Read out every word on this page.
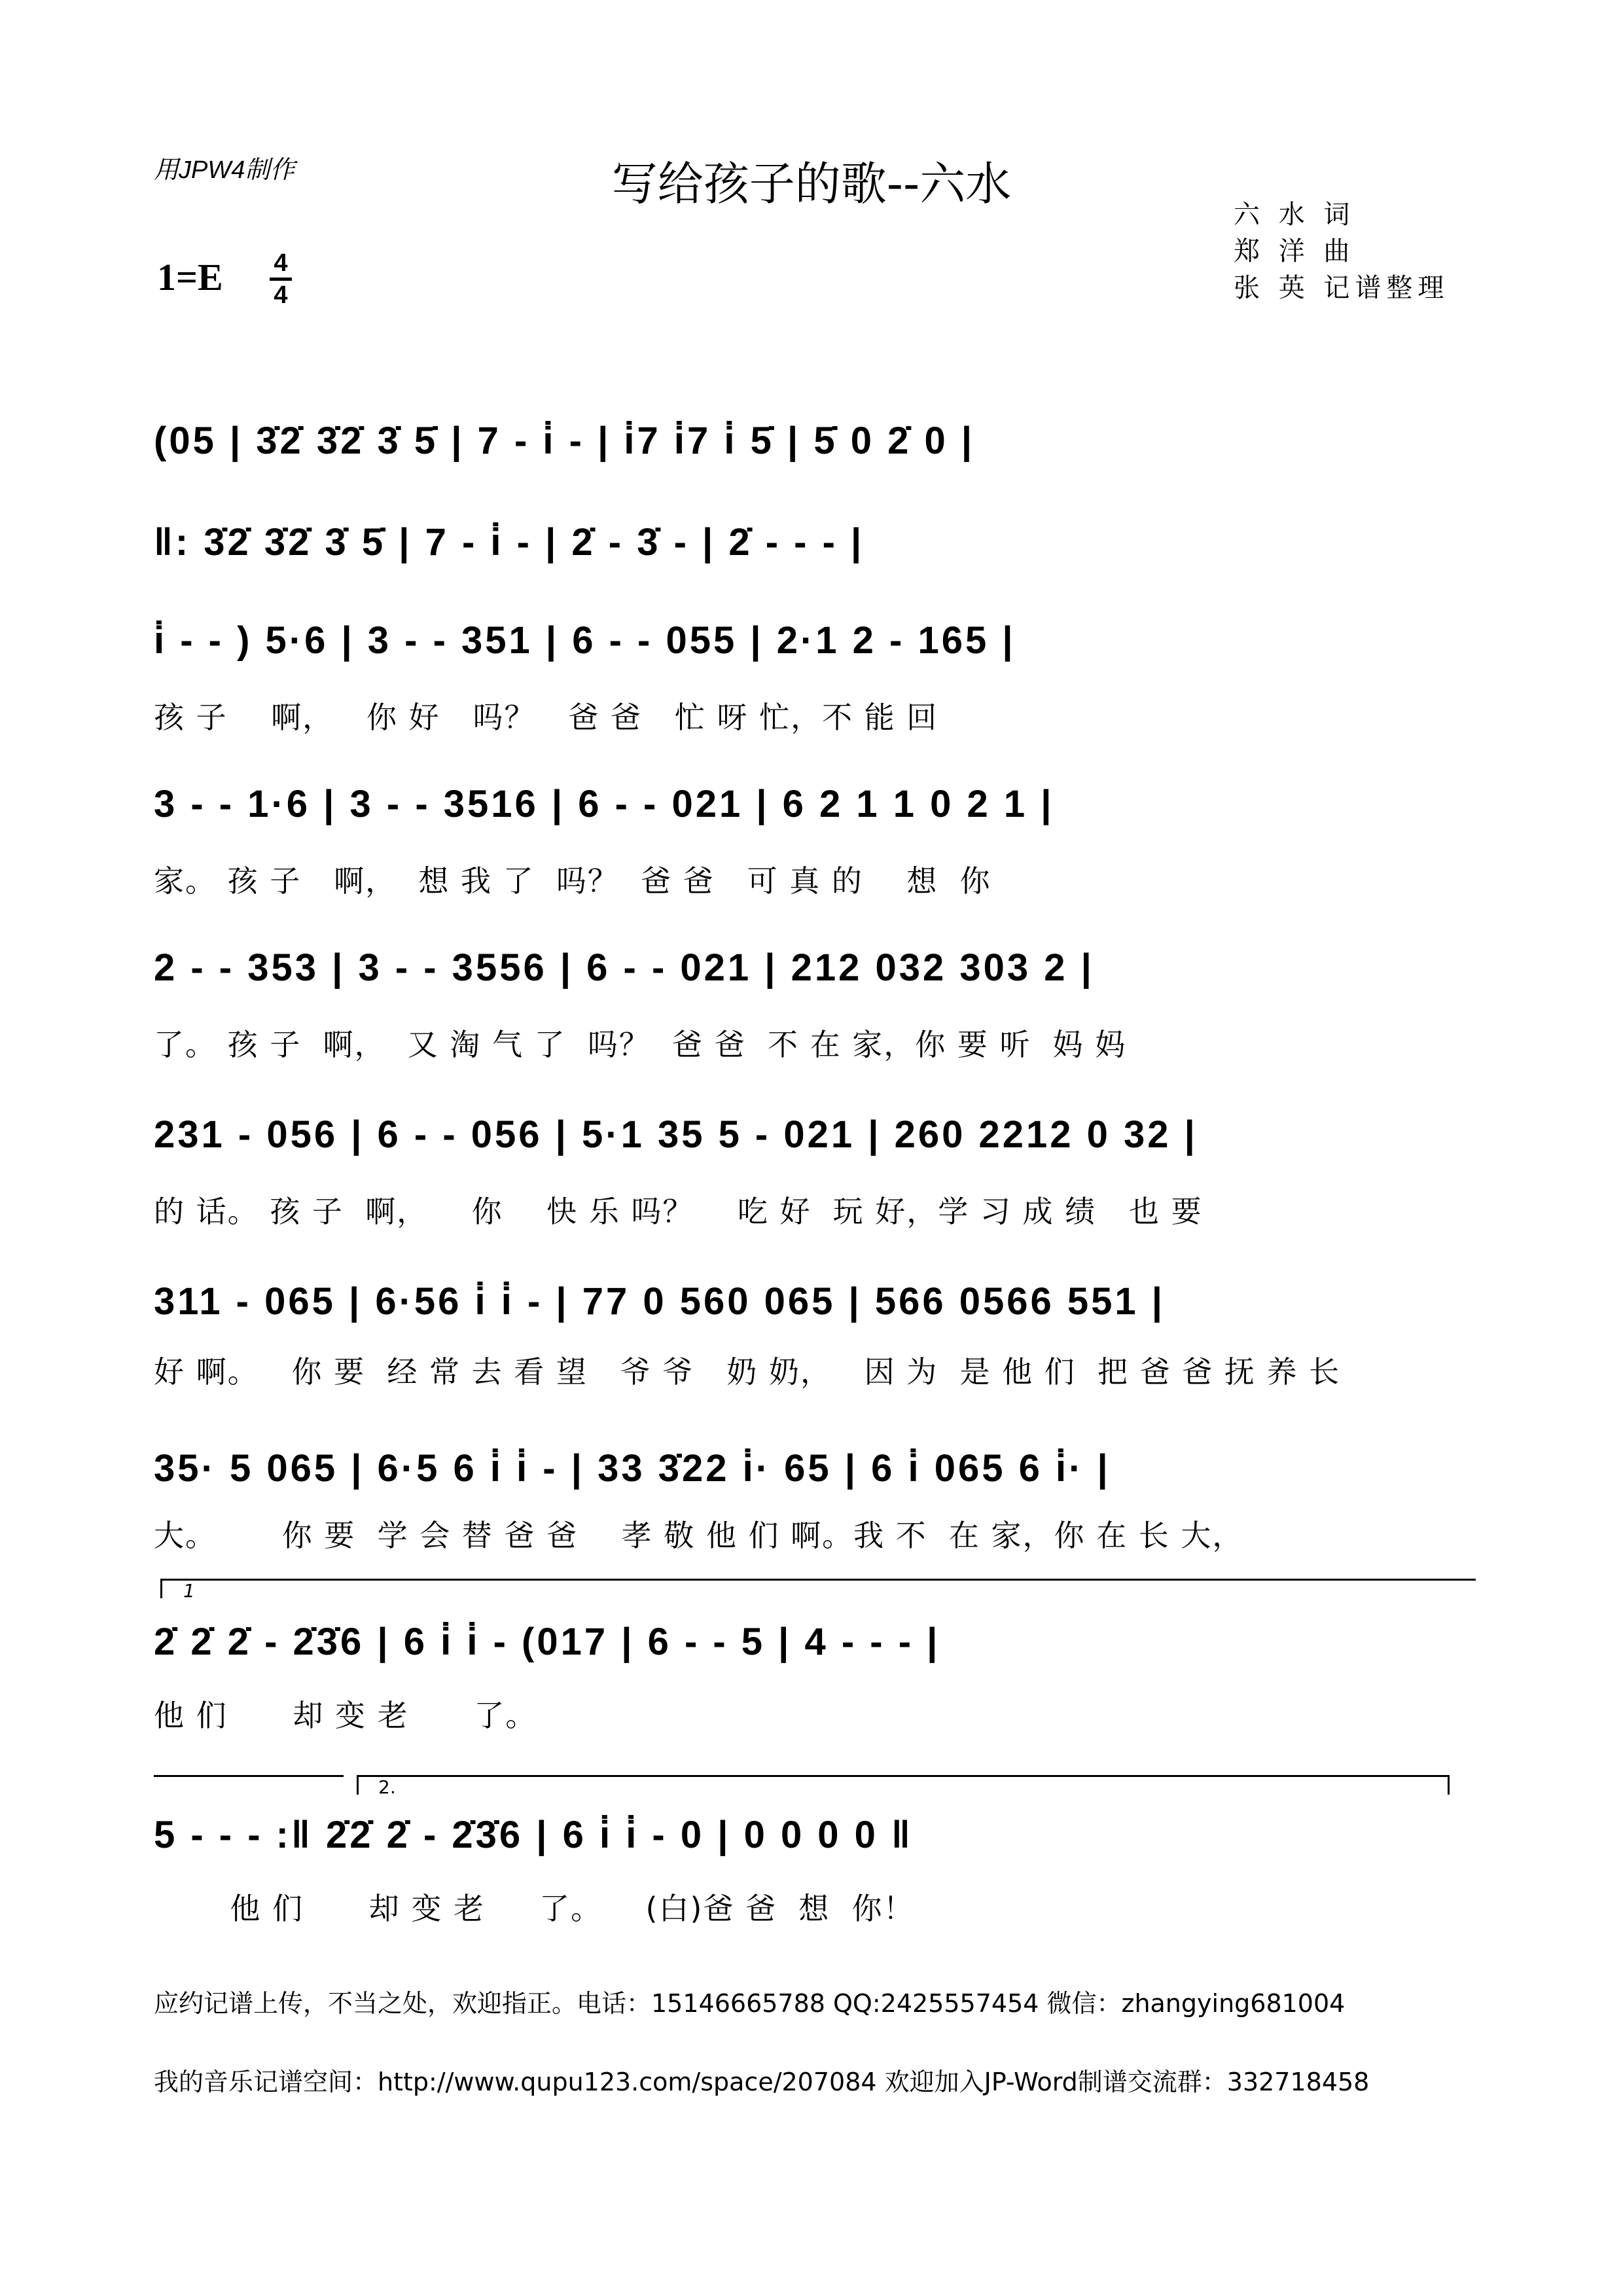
用JPW4制作	写给孩子的歌--六水
六 水 词
郑 洋 曲
张 英 记谱整理
1=E 4
4
(05 | 3̇2̇ 3̇2̇ 3̇ 5̇ | 7 - i̇ - | i̇7 i̇7 i̇ 5̇ | 5̇ 0 2̇ 0 |
‖: 3̇2̇ 3̇2̇ 3̇ 5̇ | 7 - i̇ - | 2̇ - 3̇ - | 2̇ - - - |
i̇ - - ) 5·6 | 3 - - 351 | 6 - - 055 | 2·1 2 - 165 |
孩 子    啊，   你 好   吗？   爸 爸   忙 呀 忙，不 能 回
3 - - 1·6 | 3 - - 3516 | 6 - - 021 | 6 2 1 1 0 2 1 |
家。 孩 子   啊，  想 我 了  吗？  爸 爸   可 真 的    想  你
2 - - 353 | 3 - - 3556 | 6 - - 021 | 212 032 303 2 |
了。 孩 子  啊，  又 淘 气 了  吗？  爸 爸  不 在 家，你 要 听  妈 妈
231 - 056 | 6 - - 056 | 5·1 35 5 - 021 | 260 2212 0 32 |
的 话。 孩 子  啊，    你    快 乐 吗？    吃 好  玩 好，学 习 成 绩   也 要
311 - 065 | 6·56 i̇ i̇ - | 77 0 560 065 | 566 0566 551 |
好 啊。   你 要  经 常 去 看 望   爷 爷   奶 奶，   因 为  是 他 们  把 爸 爸 抚 养 长
35· 5 065 | 6·5 6 i̇ i̇ - | 33 3̇22 i̇· 65 | 6 i̇ 065 6 i̇· |
大。      你 要  学 会 替 爸 爸    孝 敬 他 们 啊。我 不  在 家，你 在 长 大，
1
2̇ 2̇ 2̇ - 2̇3̇6 | 6 i̇ i̇ - (017 | 6 - - 5 | 4 - - - |
他 们      却 变 老      了。
2.
5 - - - :‖ 2̇2̇ 2̇ - 2̇3̇6 | 6 i̇ i̇ - 0 | 0 0 0 0 ‖
他 们      却 变 老     了。    (白)爸 爸  想  你！
应约记谱上传，不当之处，欢迎指正。电话：15146665788 QQ:2425557454 微信：zhangying681004
我的音乐记谱空间：http://www.qupu123.com/space/207084 欢迎加入JP-Word制谱交流群：332718458
